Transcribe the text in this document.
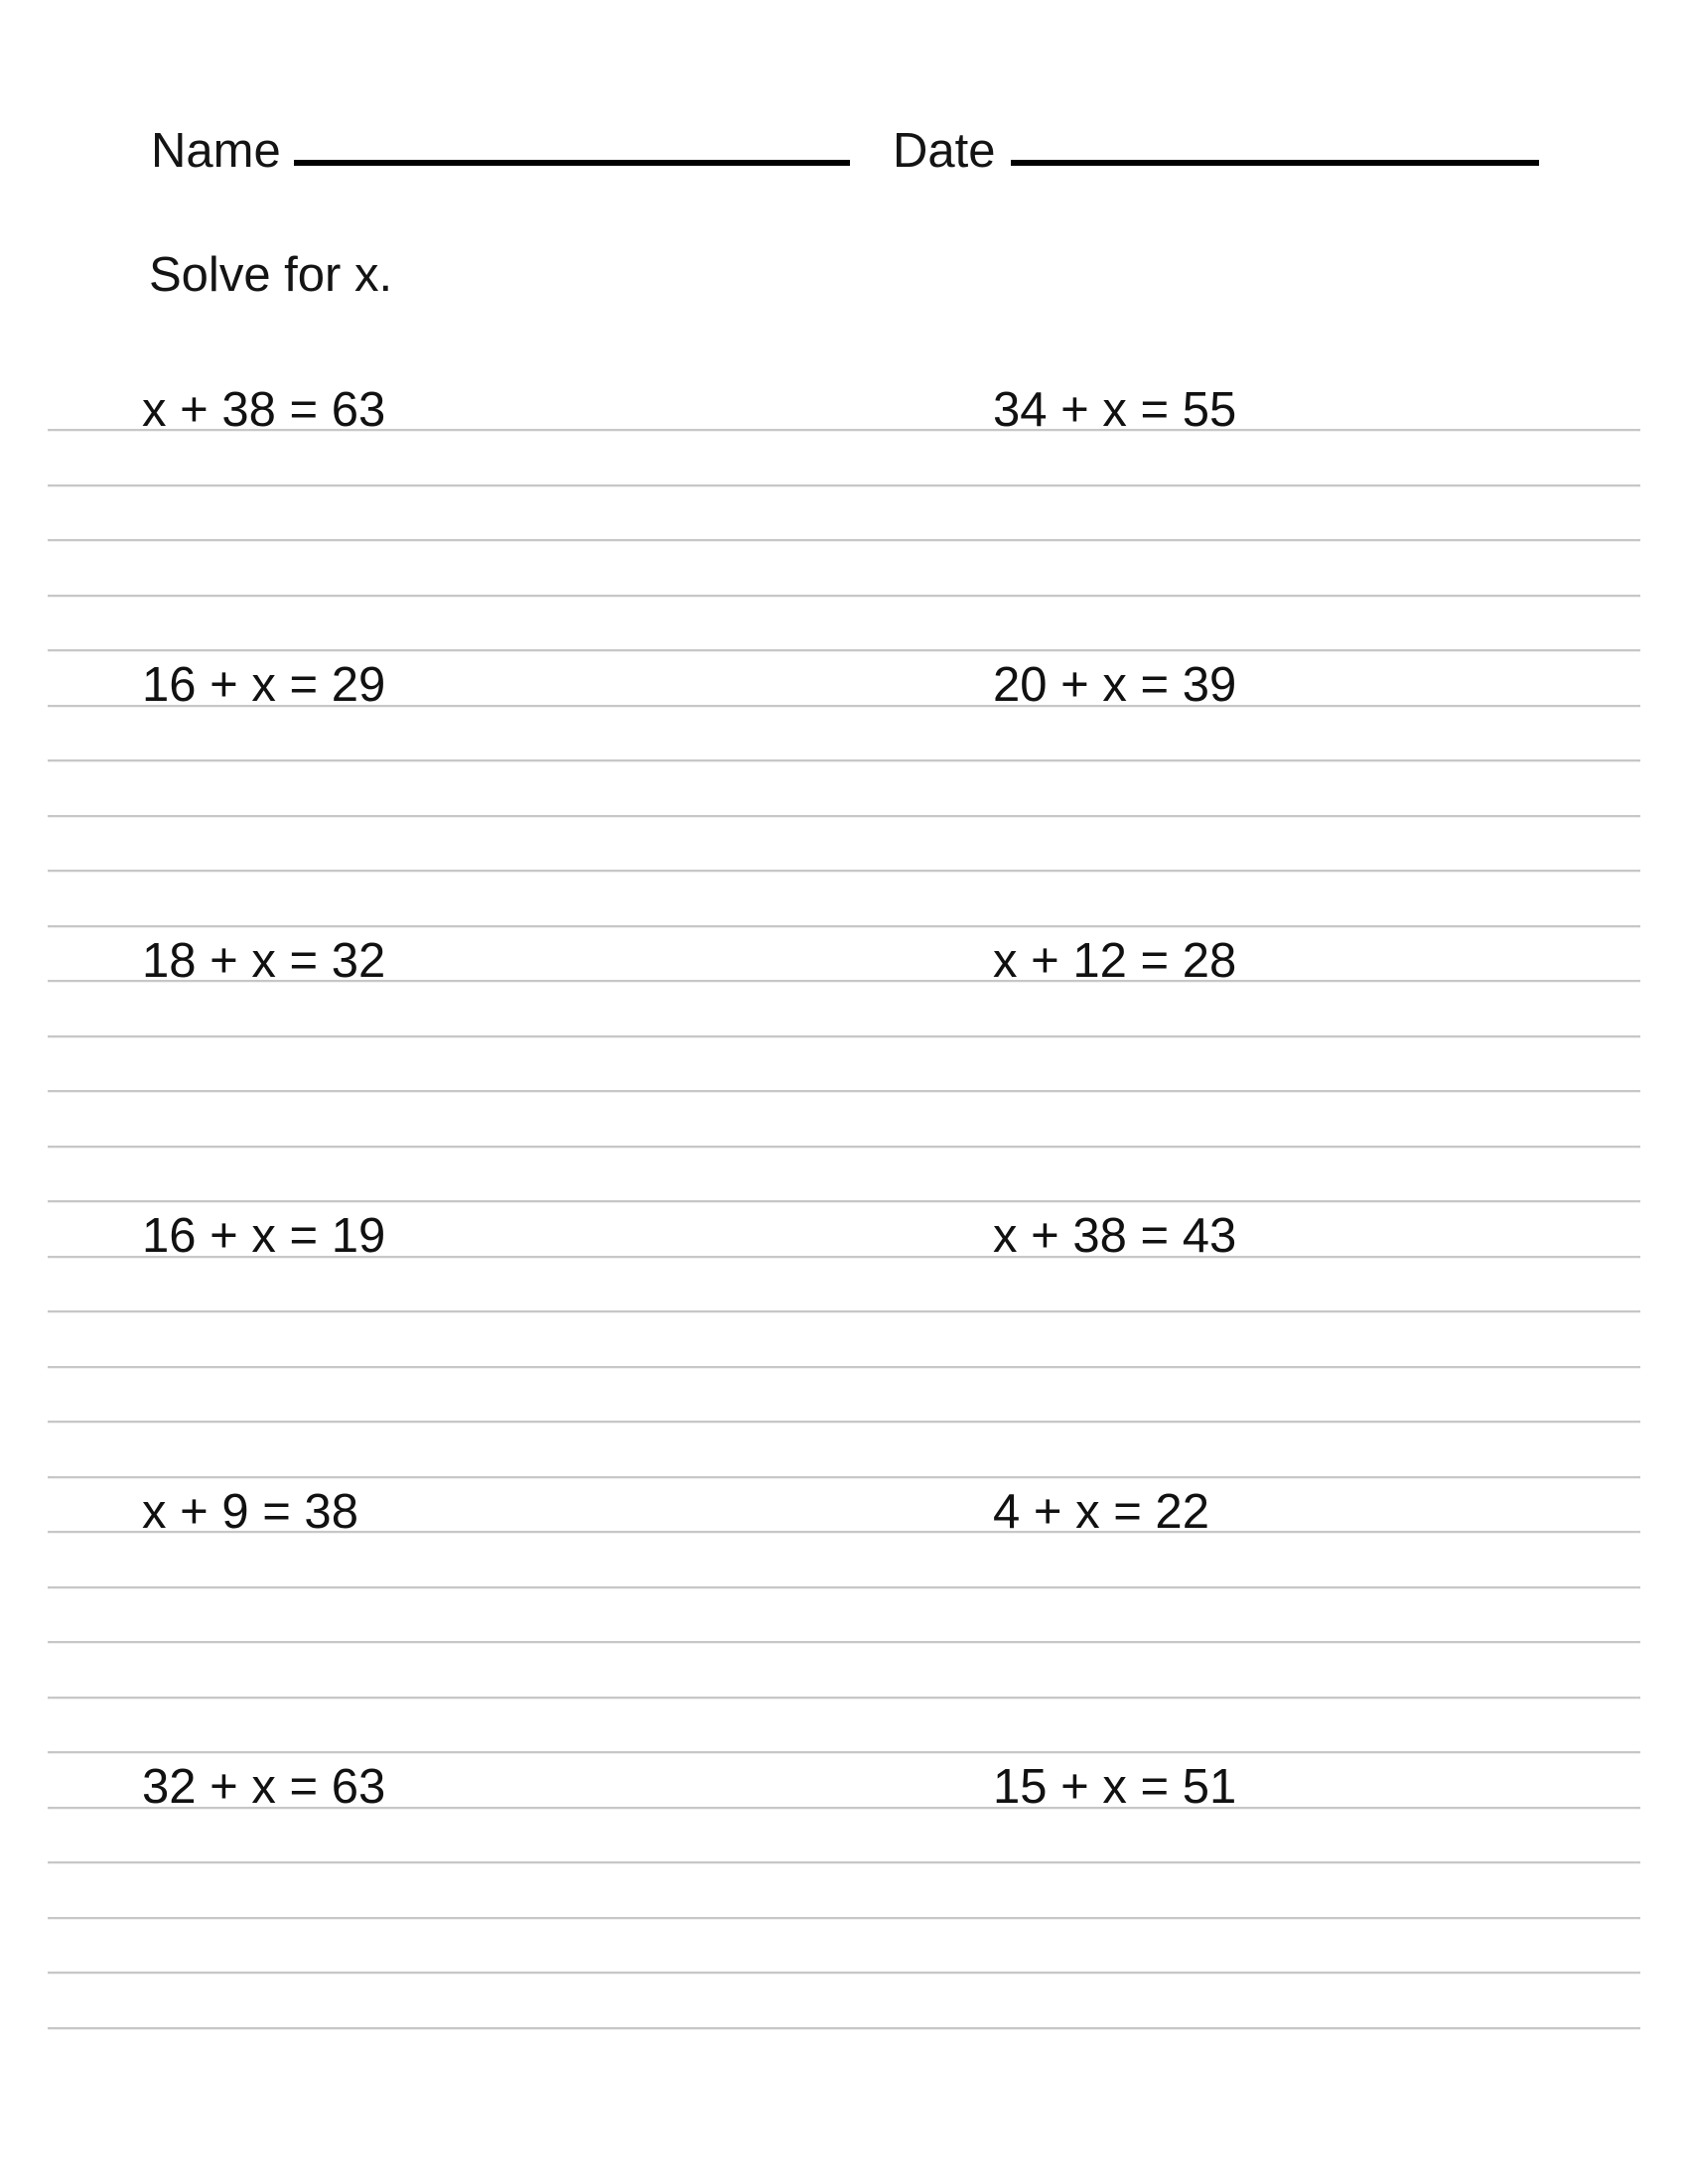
Name	Date
Solve for x.
x + 38 = 63	34 + x = 55
16 + x = 29	20 + x = 39
18 + x = 32	x + 12 = 28
16 + x = 19	x + 38 = 43
x + 9 = 38	4 + x = 22
32 + x = 63	15 + x = 51
